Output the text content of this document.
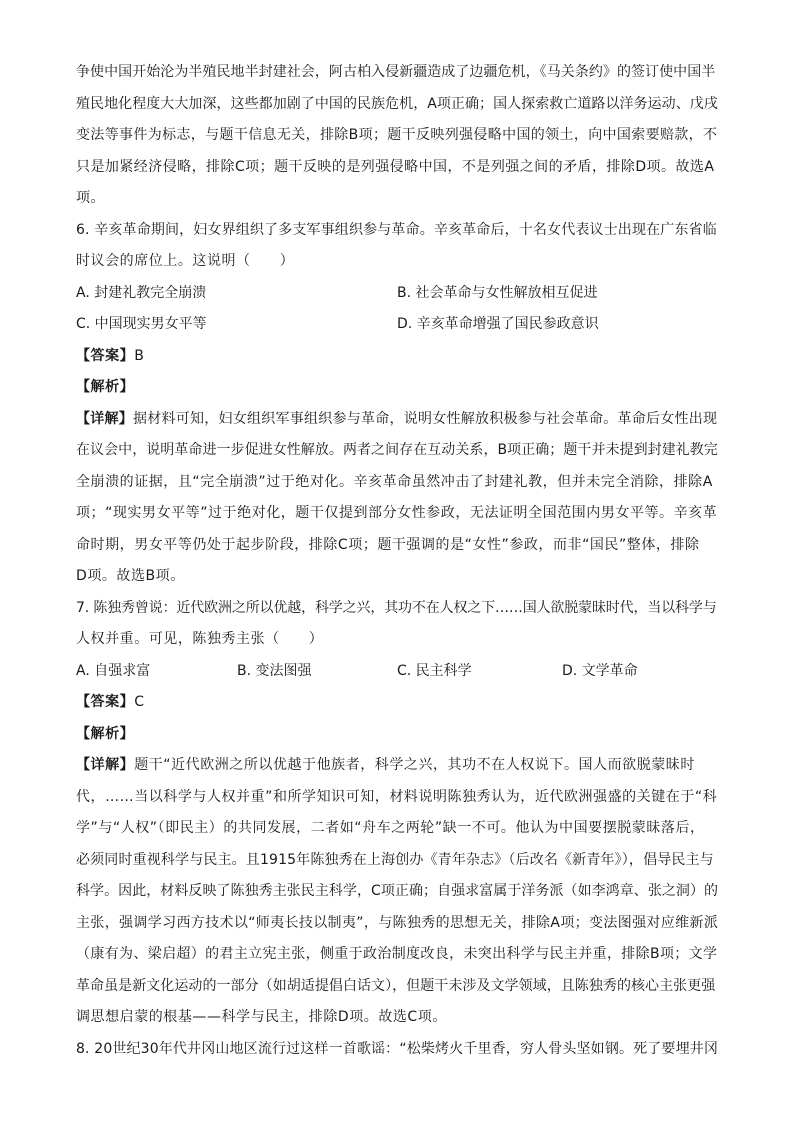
争使中国开始沦为半殖民地半封建社会，阿古柏入侵新疆造成了边疆危机，《马关条约》的签订使中国半
殖民地化程度大大加深，这些都加剧了中国的民族危机，A项正确；国人探索救亡道路以洋务运动、戊戌
变法等事件为标志，与题干信息无关，排除B项；题干反映列强侵略中国的领土，向中国索要赔款，不
只是加紧经济侵略，排除C项；题干反映的是列强侵略中国，不是列强之间的矛盾，排除D项。故选A
项。
6. 辛亥革命期间，妇女界组织了多支军事组织参与革命。辛亥革命后，十名女代表议士出现在广东省临
时议会的席位上。这说明（　　）
A. 封建礼教完全崩溃	B. 社会革命与女性解放相互促进
C. 中国现实男女平等	D. 辛亥革命增强了国民参政意识
【答案】B
【解析】
【详解】据材料可知，妇女组织军事组织参与革命，说明女性解放积极参与社会革命。革命后女性出现
在议会中，说明革命进一步促进女性解放。两者之间存在互动关系，B项正确；题干并未提到封建礼教完
全崩溃的证据，且“完全崩溃”过于绝对化。辛亥革命虽然冲击了封建礼教，但并未完全消除，排除A
项；“现实男女平等”过于绝对化，题干仅提到部分女性参政，无法证明全国范围内男女平等。辛亥革
命时期，男女平等仍处于起步阶段，排除C项；题干强调的是“女性”参政，而非“国民”整体，排除
D项。故选B项。
7. 陈独秀曾说：近代欧洲之所以优越，科学之兴，其功不在人权之下……国人欲脱蒙昧时代，当以科学与
人权并重。可见，陈独秀主张（　　）
A. 自强求富	B. 变法图强	C. 民主科学	D. 文学革命
【答案】C
【解析】
【详解】题干“近代欧洲之所以优越于他族者，科学之兴，其功不在人权说下。国人而欲脱蒙昧时
代，……当以科学与人权并重”和所学知识可知，材料说明陈独秀认为，近代欧洲强盛的关键在于“科
学”与“人权”（即民主）的共同发展，二者如“舟车之两轮”缺一不可。他认为中国要摆脱蒙昧落后，
必须同时重视科学与民主。且1915年陈独秀在上海创办《青年杂志》（后改名《新青年》），倡导民主与
科学。因此，材料反映了陈独秀主张民主科学，C项正确；自强求富属于洋务派（如李鸿章、张之洞）的
主张，强调学习西方技术以“师夷长技以制夷”，与陈独秀的思想无关，排除A项；变法图强对应维新派
（康有为、梁启超）的君主立宪主张，侧重于政治制度改良，未突出科学与民主并重，排除B项；文学
革命虽是新文化运动的一部分（如胡适提倡白话文），但题干未涉及文学领域，且陈独秀的核心主张更强
调思想启蒙的根基——科学与民主，排除D项。故选C项。
8. 20世纪30年代井冈山地区流行过这样一首歌谣：“松柴烤火千里香，穷人骨头坚如钢。死了要埋井冈
